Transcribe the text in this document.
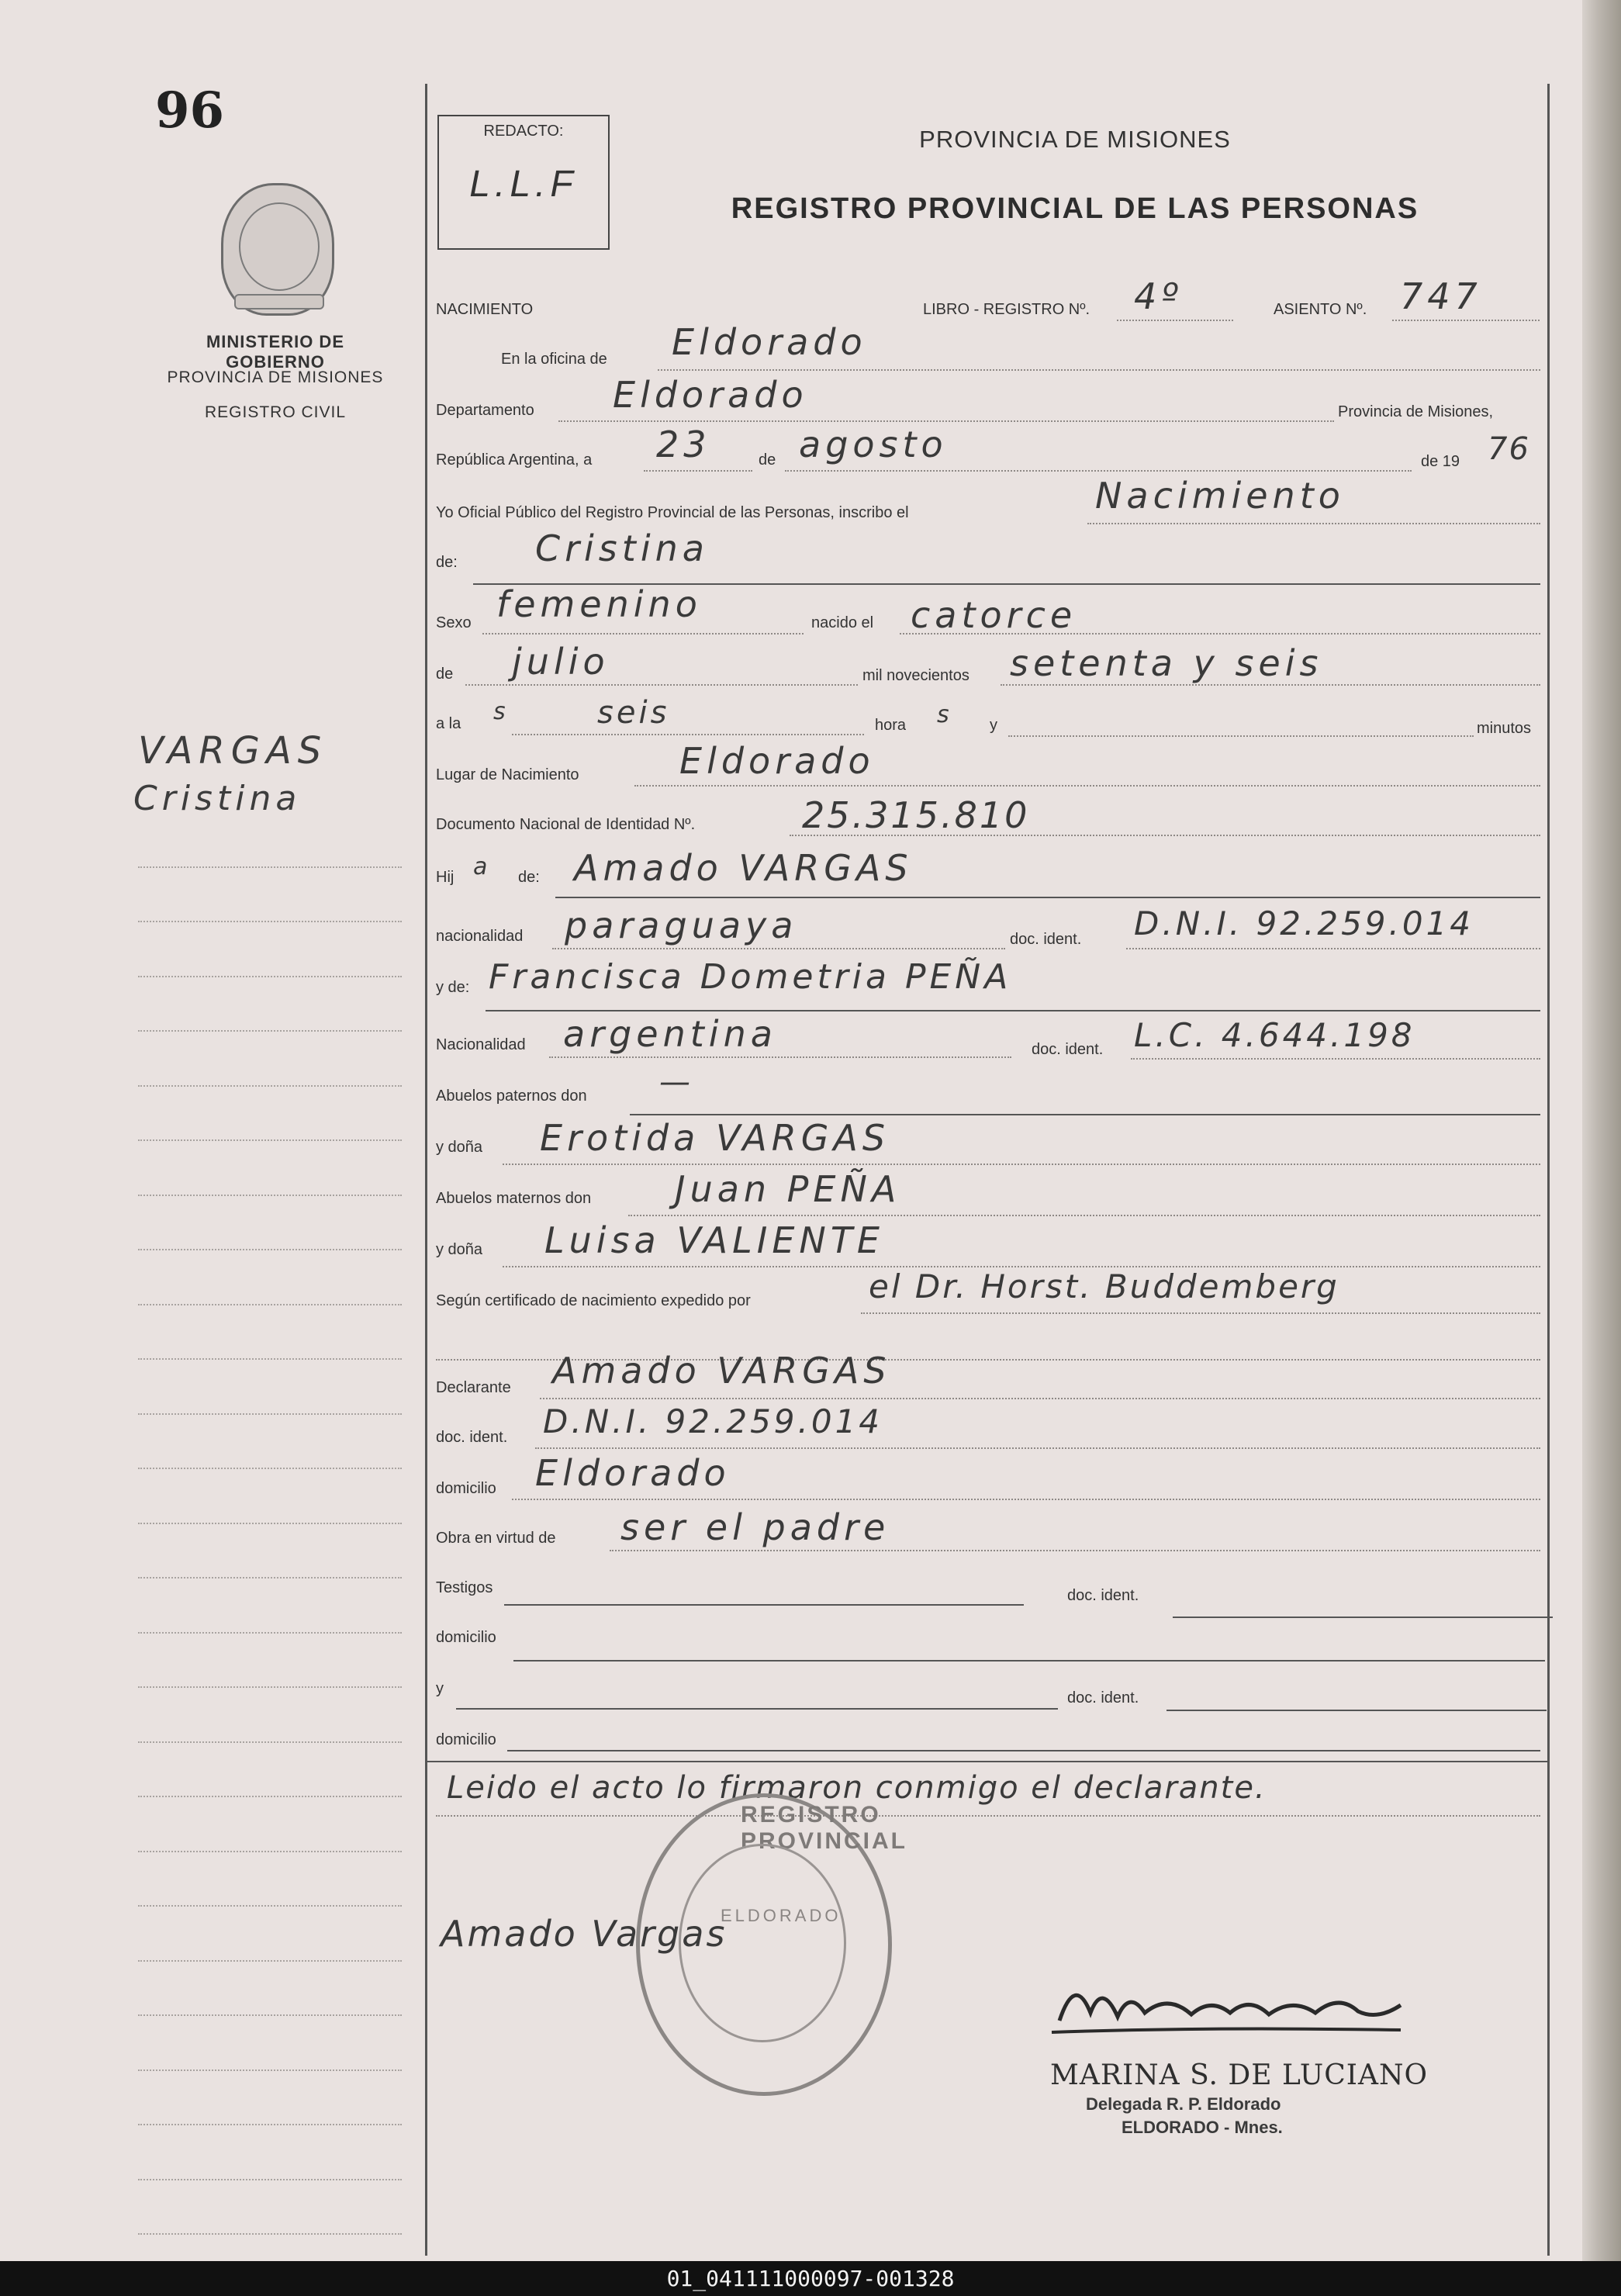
96
MINISTERIO DE GOBIERNO
PROVINCIA DE MISIONES
REGISTRO CIVIL
VARGAS
Cristina
REDACTO:
L.L.F
PROVINCIA DE MISIONES
REGISTRO PROVINCIAL DE LAS PERSONAS
NACIMIENTO	LIBRO - REGISTRO Nº. 4º	ASIENTO Nº. 747
En la oficina de Eldorado
Departamento Eldorado	Provincia de Misiones,
República Argentina, a 23	de agosto	de 19 76
Yo Oficial Público del Registro Provincial de las Personas, inscribo el	Nacimiento
de: Cristina
Sexo femenino	nacido el catorce
de julio	mil novecientos setenta y seis
a la s	seis	hora s y	minutos
Lugar de Nacimiento	Eldorado
Documento Nacional de Identidad Nº.	25.315.810
Hij a de: Amado VARGAS
nacionalidad paraguaya	doc. ident. D.N.I. 92.259.014
y de: Francisca Dometria PEÑA
Nacionalidad argentina	doc. ident. L.C. 4.644.198
Abuelos paternos don —
y doña Erotida VARGAS
Abuelos maternos don Juan PEÑA
y doña Luisa VALIENTE
Según certificado de nacimiento expedido por	el Dr. Horst. Buddemberg
Declarante Amado VARGAS
doc. ident. D.N.I. 92.259.014
domicilio Eldorado
Obra en virtud de ser el padre
Testigos	doc. ident.
domicilio
y
doc. ident.
domicilio
Leido el acto lo firmaron conmigo el declarante.
Amado Vargas
REGISTRO PROVINCIAL
ELDORADO
MARINA S. DE LUCIANO
Delegada R. P. Eldorado
ELDORADO - Mnes.
01_041111000097-001328
